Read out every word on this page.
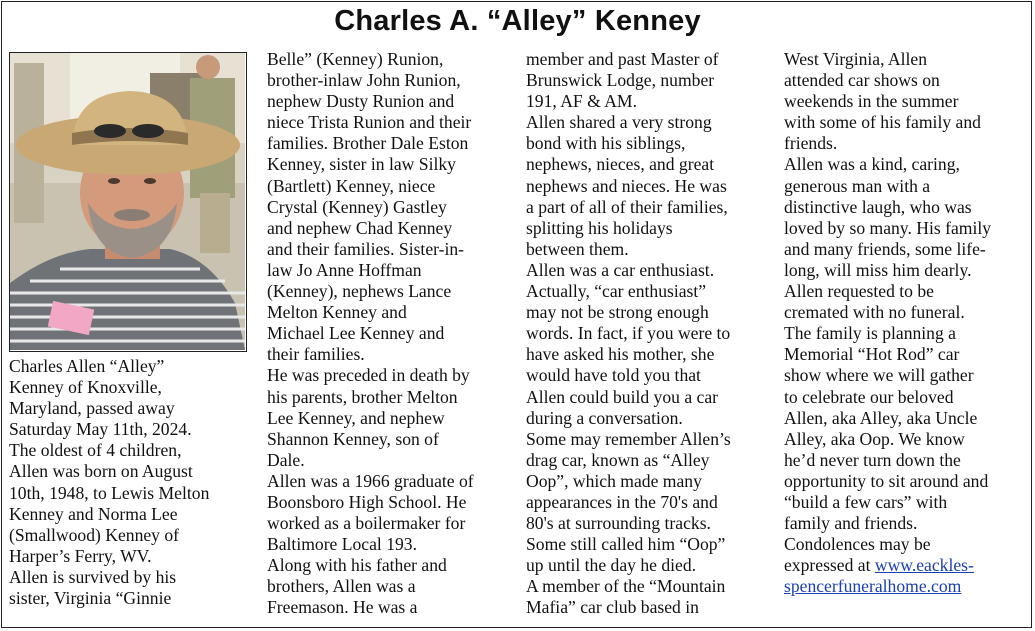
Charles A. “Alley” Kenney
Charles Allen “Alley”
Kenney of Knoxville,
Maryland, passed away
Saturday May 11th, 2024.
The oldest of 4 children,
Allen was born on August
10th, 1948, to Lewis Melton
Kenney and Norma Lee
(Smallwood) Kenney of
Harper’s Ferry, WV.
Allen is survived by his
sister, Virginia “Ginnie
Belle” (Kenney) Runion,
brother-inlaw John Runion,
nephew Dusty Runion and
niece Trista Runion and their
families. Brother Dale Eston
Kenney, sister in law Silky
(Bartlett) Kenney, niece
Crystal (Kenney) Gastley
and nephew Chad Kenney
and their families. Sister-in-
law Jo Anne Hoffman
(Kenney), nephews Lance
Melton Kenney and
Michael Lee Kenney and
their families.
He was preceded in death by
his parents, brother Melton
Lee Kenney, and nephew
Shannon Kenney, son of
Dale.
Allen was a 1966 graduate of
Boonsboro High School. He
worked as a boilermaker for
Baltimore Local 193.
Along with his father and
brothers, Allen was a
Freemason. He was a
member and past Master of
Brunswick Lodge, number
191, AF & AM.
Allen shared a very strong
bond with his siblings,
nephews, nieces, and great
nephews and nieces. He was
a part of all of their families,
splitting his holidays
between them.
Allen was a car enthusiast.
Actually, “car enthusiast”
may not be strong enough
words. In fact, if you were to
have asked his mother, she
would have told you that
Allen could build you a car
during a conversation.
Some may remember Allen’s
drag car, known as “Alley
Oop”, which made many
appearances in the 70's and
80's at surrounding tracks.
Some still called him “Oop”
up until the day he died.
A member of the “Mountain
Mafia” car club based in
West Virginia, Allen
attended car shows on
weekends in the summer
with some of his family and
friends.
Allen was a kind, caring,
generous man with a
distinctive laugh, who was
loved by so many. His family
and many friends, some life-
long, will miss him dearly.
Allen requested to be
cremated with no funeral.
The family is planning a
Memorial “Hot Rod” car
show where we will gather
to celebrate our beloved
Allen, aka Alley, aka Uncle
Alley, aka Oop. We know
he’d never turn down the
opportunity to sit around and
“build a few cars” with
family and friends.
Condolences may be
expressed at www.eackles-
spencerfuneralhome.com
